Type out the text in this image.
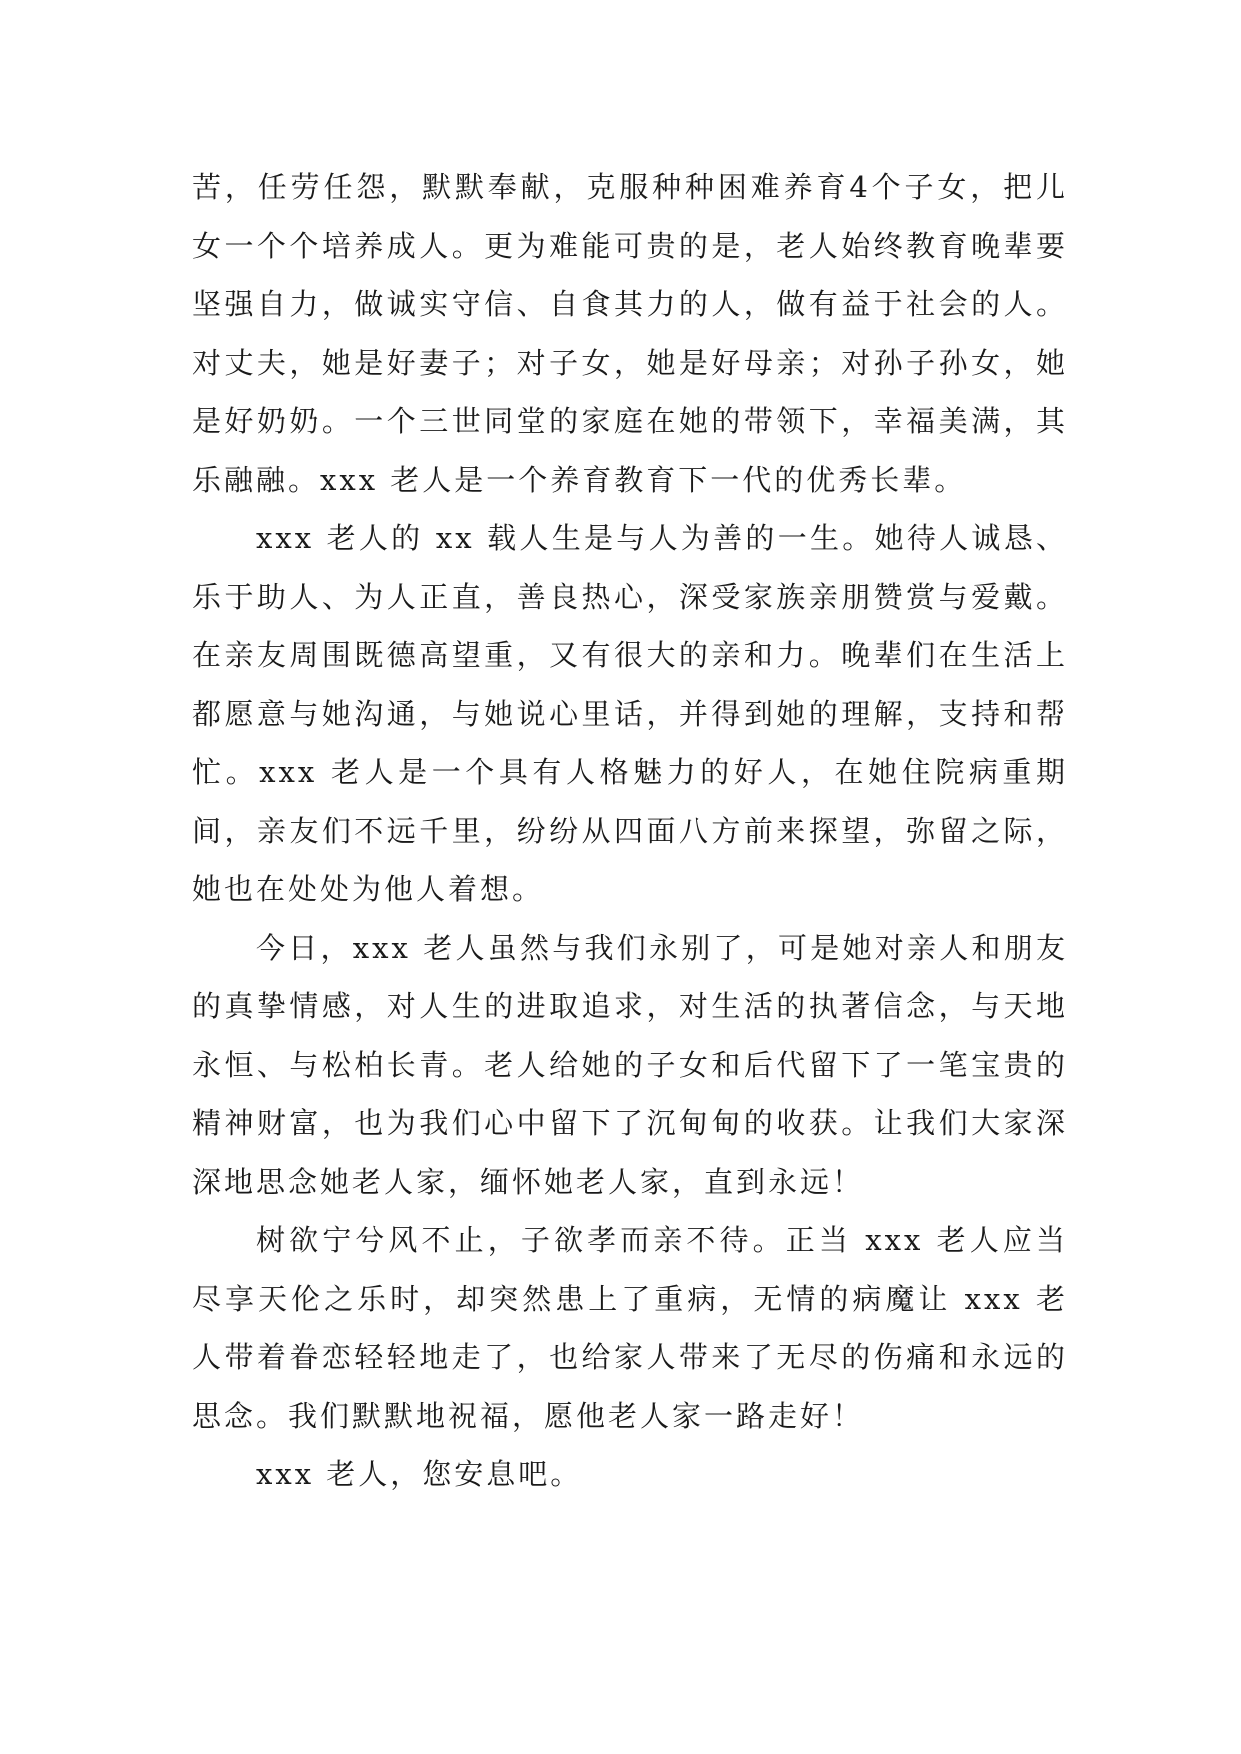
苦，任劳任怨，默默奉献，克服种种困难养育4个子女，把儿女一个个培养成人。更为难能可贵的是，老人始终教育晚辈要坚强自力，做诚实守信、自食其力的人，做有益于社会的人。对丈夫，她是好妻子；对子女，她是好母亲；对孙子孙女，她是好奶奶。一个三世同堂的家庭在她的带领下，幸福美满，其乐融融。xxx 老人是一个养育教育下一代的优秀长辈。

xxx 老人的 xx 载人生是与人为善的一生。她待人诚恳、乐于助人、为人正直，善良热心，深受家族亲朋赞赏与爱戴。在亲友周围既德高望重，又有很大的亲和力。晚辈们在生活上都愿意与她沟通，与她说心里话，并得到她的理解，支持和帮忙。xxx 老人是一个具有人格魅力的好人，在她住院病重期间，亲友们不远千里，纷纷从四面八方前来探望，弥留之际，她也在处处为他人着想。

今日，xxx 老人虽然与我们永别了，可是她对亲人和朋友的真挚情感，对人生的进取追求，对生活的执著信念，与天地永恒、与松柏长青。老人给她的子女和后代留下了一笔宝贵的精神财富，也为我们心中留下了沉甸甸的收获。让我们大家深深地思念她老人家，缅怀她老人家，直到永远！

树欲宁兮风不止，子欲孝而亲不待。正当 xxx 老人应当尽享天伦之乐时，却突然患上了重病，无情的病魔让 xxx 老人带着眷恋轻轻地走了，也给家人带来了无尽的伤痛和永远的思念。我们默默地祝福，愿他老人家一路走好！

xxx 老人，您安息吧。
